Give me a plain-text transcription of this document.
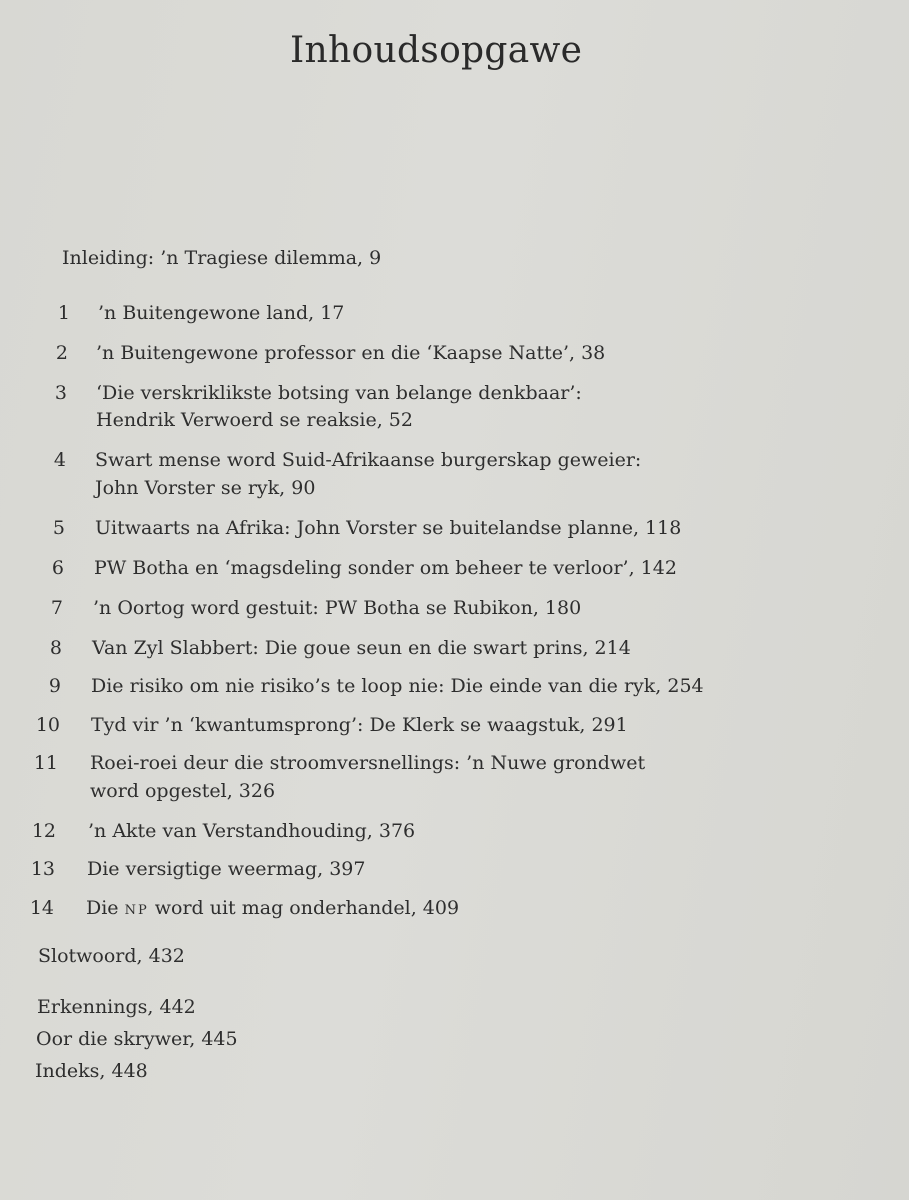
Inhoudsopgawe
Inleiding: ’n Tragiese dilemma, 9
1 ’n Buitengewone land, 17
2 ’n Buitengewone professor en die ‘Kaapse Natte’, 38
3 ‘Die verskriklikste botsing van belange denkbaar’:
Hendrik Verwoerd se reaksie, 52
4 Swart mense word Suid-Afrikaanse burgerskap geweier:
John Vorster se ryk, 90
5 Uitwaarts na Afrika: John Vorster se buitelandse planne, 118
6 PW Botha en ‘magsdeling sonder om beheer te verloor’, 142
7 ’n Oortog word gestuit: PW Botha se Rubikon, 180
8 Van Zyl Slabbert: Die goue seun en die swart prins, 214
9 Die risiko om nie risiko’s te loop nie: Die einde van die ryk, 254
10 Tyd vir ’n ‘kwantumsprong’: De Klerk se waagstuk, 291
11 Roei-roei deur die stroomversnellings: ’n Nuwe grondwet
word opgestel, 326
12 ’n Akte van Verstandhouding, 376
13 Die versigtige weermag, 397
14 Die NP word uit mag onderhandel, 409
Slotwoord, 432
Erkennings, 442
Oor die skrywer, 445
Indeks, 448
